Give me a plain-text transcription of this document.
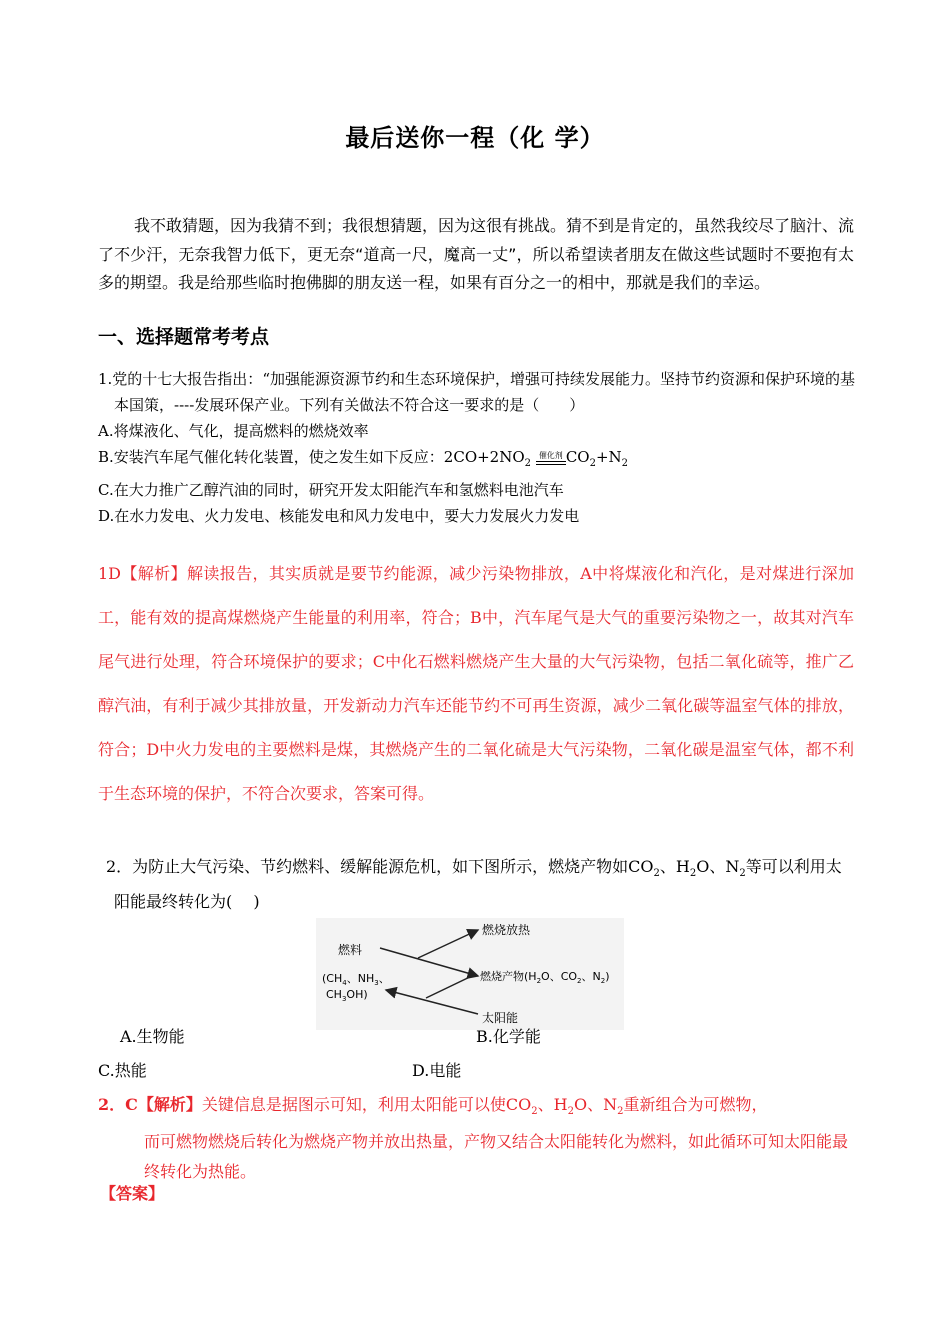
最后送你一程（化 学）
我不敢猜题，因为我猜不到；我很想猜题，因为这很有挑战。猜不到是肯定的，虽然我绞尽了脑汁、流了不少汗，无奈我智力低下，更无奈“道高一尺，魔高一丈”，所以希望读者朋友在做这些试题时不要抱有太多的期望。我是给那些临时抱佛脚的朋友送一程，如果有百分之一的相中，那就是我们的幸运。
一、选择题常考考点
1.党的十七大报告指出：“加强能源资源节约和生态环境保护，增强可持续发展能力。坚持节约资源和保护环境的基本国策，----发展环保产业。下列有关做法不符合这一要求的是（　　）
A.将煤液化、气化，提高燃料的燃烧效率
B.安装汽车尾气催化转化装置，使之发生如下反应：$2CO+2NO_2$ 催化剂 $CO_2+N_2$
C.在大力推广乙醇汽油的同时，研究开发太阳能汽车和氢燃料电池汽车
D.在水力发电、火力发电、核能发电和风力发电中，要大力发展火力发电
1D【解析】解读报告，其实质就是要节约能源，减少污染物排放，A中将煤液化和汽化，是对煤进行深加工，能有效的提高煤燃烧产生能量的利用率，符合；B中，汽车尾气是大气的重要污染物之一，故其对汽车尾气进行处理，符合环境保护的要求；C中化石燃料燃烧产生大量的大气污染物，包括二氧化硫等，推广乙醇汽油，有利于减少其排放量，开发新动力汽车还能节约不可再生资源，减少二氧化碳等温室气体的排放，符合；D中火力发电的主要燃料是煤，其燃烧产生的二氧化硫是大气污染物，二氧化碳是温室气体，都不利于生态环境的保护，不符合次要求，答案可得。
2．为防止大气污染、节约燃料、缓解能源危机，如下图所示，燃烧产物如$CO_2$、$H_2O$、$N_2$等可以利用太阳能最终转化为(　 )
燃料
($CH_4$、$NH_3$、
$CH_3OH$)
燃烧放热
燃烧产物($H_2O$、$CO_2$、$N_2$)
太阳能
A.生物能	B.化学能
C.热能	D.电能
2．C【解析】关键信息是据图示可知，利用太阳能可以使$CO_2$、$H_2O$、$N_2$重新组合为可燃物，
而可燃物燃烧后转化为燃烧产物并放出热量，产物又结合太阳能转化为燃料，如此循环可知太阳能最终转化为热能。
【答案】
